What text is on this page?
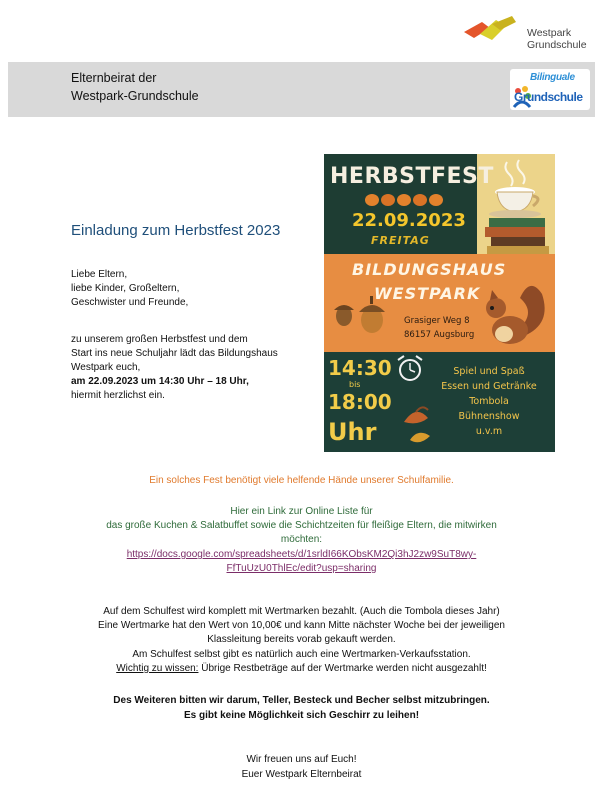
Westpark
Grundschule
Elternbeirat der
Westpark-Grundschule
Bilinguale
Grundschule
Einladung zum Herbstfest 2023
Liebe Eltern,
liebe Kinder, Großeltern,
Geschwister und Freunde,
zu unserem großen Herbstfest und dem
Start ins neue Schuljahr lädt das Bildungshaus
Westpark euch,
am 22.09.2023 um 14:30 Uhr – 18 Uhr,
hiermit herzlichst ein.
HERBSTFEST
22.09.2023
FREITAG
BILDUNGSHAUS
WESTPARK
Grasiger Weg 8
86157 Augsburg
14:30
bis
18:00
Uhr
Spiel und Spaß
Essen und Getränke
Tombola
Bühnenshow
u.v.m
Ein solches Fest benötigt viele helfende Hände unserer Schulfamilie.
Hier ein Link zur Online Liste für
das große Kuchen & Salatbuffet sowie die Schichtzeiten für fleißige Eltern, die mitwirken
möchten:
https://docs.google.com/spreadsheets/d/1srldI66KObsKM2Qi3hJ2zw9SuT8wy-
FfTuUzU0ThlEc/edit?usp=sharing
Auf dem Schulfest wird komplett mit Wertmarken bezahlt. (Auch die Tombola dieses Jahr)
Eine Wertmarke hat den Wert von 10,00€ und kann Mitte nächster Woche bei der jeweiligen
Klassleitung bereits vorab gekauft werden.
Am Schulfest selbst gibt es natürlich auch eine Wertmarken-Verkaufsstation.
Wichtig zu wissen: Übrige Restbeträge auf der Wertmarke werden nicht ausgezahlt!
Des Weiteren bitten wir darum, Teller, Besteck und Becher selbst mitzubringen.
Es gibt keine Möglichkeit sich Geschirr zu leihen!
Wir freuen uns auf Euch!
Euer Westpark Elternbeirat
